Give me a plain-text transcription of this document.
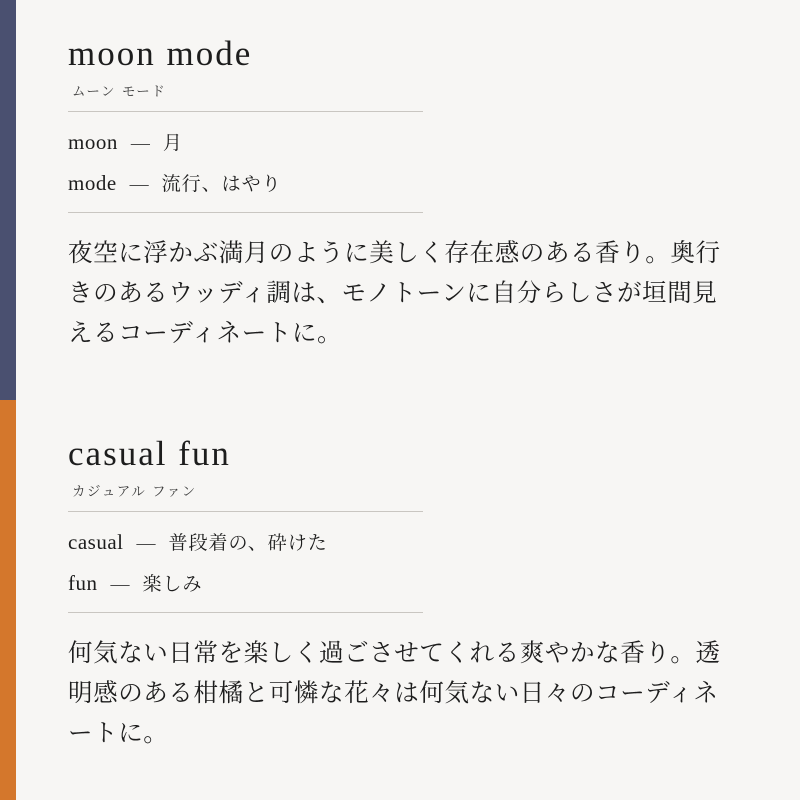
moon mode
ムーン モード
moon — 月
mode — 流行、はやり

夜空に浮かぶ満月のように美しく存在感のある香り。奥行きのあるウッディ調は、モノトーンに自分らしさが垣間見えるコーディネートに。

casual fun
カジュアル ファン
casual — 普段着の、砕けた
fun — 楽しみ

何気ない日常を楽しく過ごさせてくれる爽やかな香り。透明感のある柑橘と可憐な花々は何気ない日々のコーディネートに。
